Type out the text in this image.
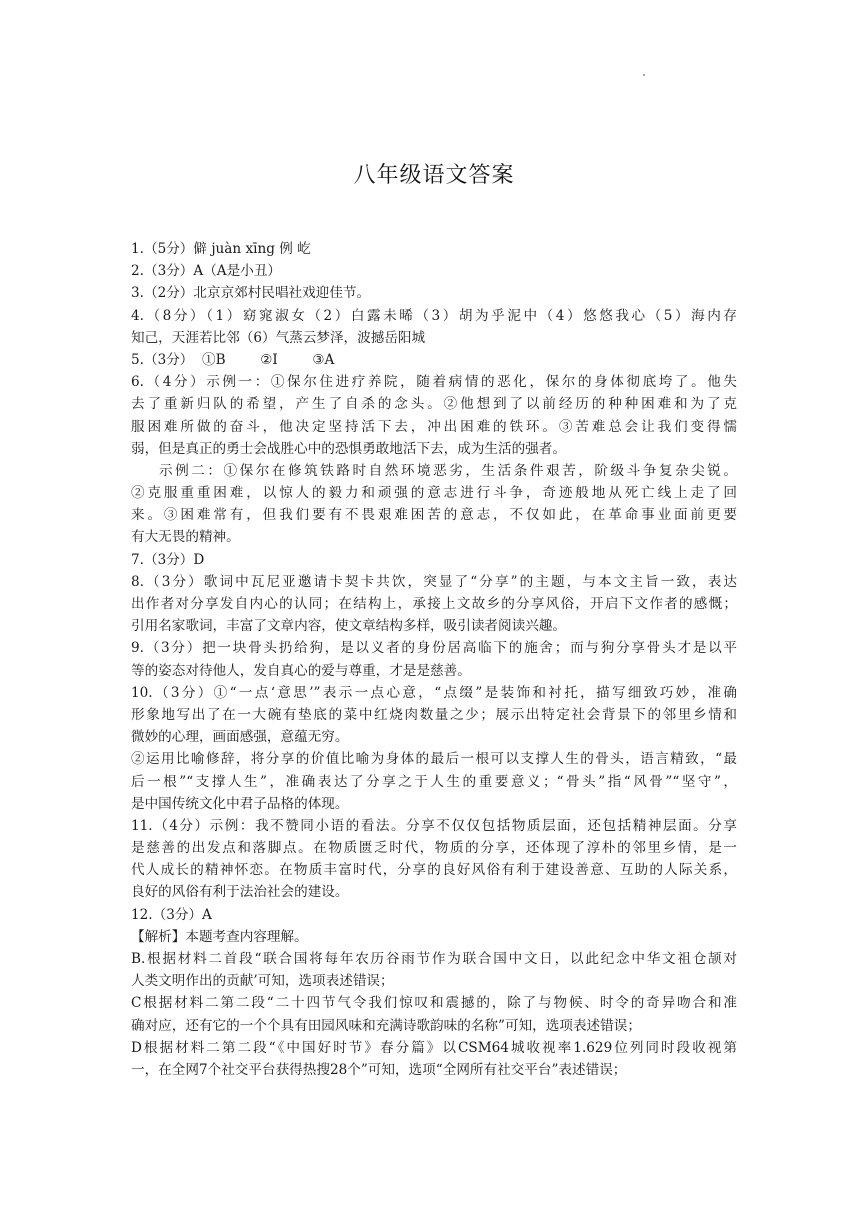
八年级语文答案
1.（5分）僻 juàn xīng 例 屹
2.（3分）A（A是小丑）
3.（2分）北京京郊村民唱社戏迎佳节。
4.（8分）（1）窈窕淑女（2）白露未晞（3）胡为乎泥中（4）悠悠我心（5）海内存
知己，天涯若比邻（6）气蒸云梦泽，波撼岳阳城
5.（3分）  ①B        ②I        ③A
6.（4分）示例一：①保尔住进疗养院，随着病情的恶化，保尔的身体彻底垮了。他失
去了重新归队的希望，产生了自杀的念头。②他想到了以前经历的种种困难和为了克
服困难所做的奋斗，他决定坚持活下去，冲出困难的铁环。③苦难总会让我们变得懦
弱，但是真正的勇士会战胜心中的恐惧勇敢地活下去，成为生活的强者。
示例二：①保尔在修筑铁路时自然环境恶劣，生活条件艰苦，阶级斗争复杂尖锐。
②克服重重困难，以惊人的毅力和顽强的意志进行斗争，奇迹般地从死亡线上走了回
来。③困难常有，但我们要有不畏艰难困苦的意志，不仅如此，在革命事业面前更要
有大无畏的精神。
7.（3分）D
8.（3分）歌词中瓦尼亚邀请卡契卡共饮，突显了“分享”的主题，与本文主旨一致，表达
出作者对分享发自内心的认同；在结构上，承接上文故乡的分享风俗，开启下文作者的感慨；
引用名家歌词，丰富了文章内容，使文章结构多样，吸引读者阅读兴趣。
9.（3分）把一块骨头扔给狗，是以义者的身份居高临下的施舍；而与狗分享骨头才是以平
等的姿态对待他人，发自真心的爱与尊重，才是是慈善。
10.（3分）①“一点‘意思’”表示一点心意，“点缀”是装饰和衬托，描写细致巧妙，准确
形象地写出了在一大碗有垫底的菜中红烧肉数量之少；展示出特定社会背景下的邻里乡情和
微妙的心理，画面感强，意蕴无穷。
②运用比喻修辞，将分享的价值比喻为身体的最后一根可以支撑人生的骨头，语言精致，“最
后一根”“支撑人生”，准确表达了分享之于人生的重要意义；“骨头”指“风骨”“坚守”，
是中国传统文化中君子品格的体现。
11.（4分）示例：我不赞同小语的看法。分享不仅仅包括物质层面，还包括精神层面。分享
是慈善的出发点和落脚点。在物质匮乏时代，物质的分享，还体现了淳朴的邻里乡情，是一
代人成长的精神怀恋。在物质丰富时代，分享的良好风俗有利于建设善意、互助的人际关系，
良好的风俗有利于法治社会的建设。
12.（3分）A
【解析】本题考查内容理解。
B.根据材料二首段“联合国将每年农历谷雨节作为联合国中文日，以此纪念中华文祖仓颉对
人类文明作出的贡献’可知，选项表述错误；
C根据材料二第二段“二十四节气令我们惊叹和震撼的，除了与物候、时令的奇异吻合和准
确对应，还有它的一个个具有田园风味和充满诗歌韵味的名称”可知，选项表述错误；
D根据材料二第二段“《中国好时节》春分篇》以CSM64城收视率1.629位列同时段收视第
一，在全网7个社交平台获得热搜28个”可知，选项“全网所有社交平台”表述错误；
